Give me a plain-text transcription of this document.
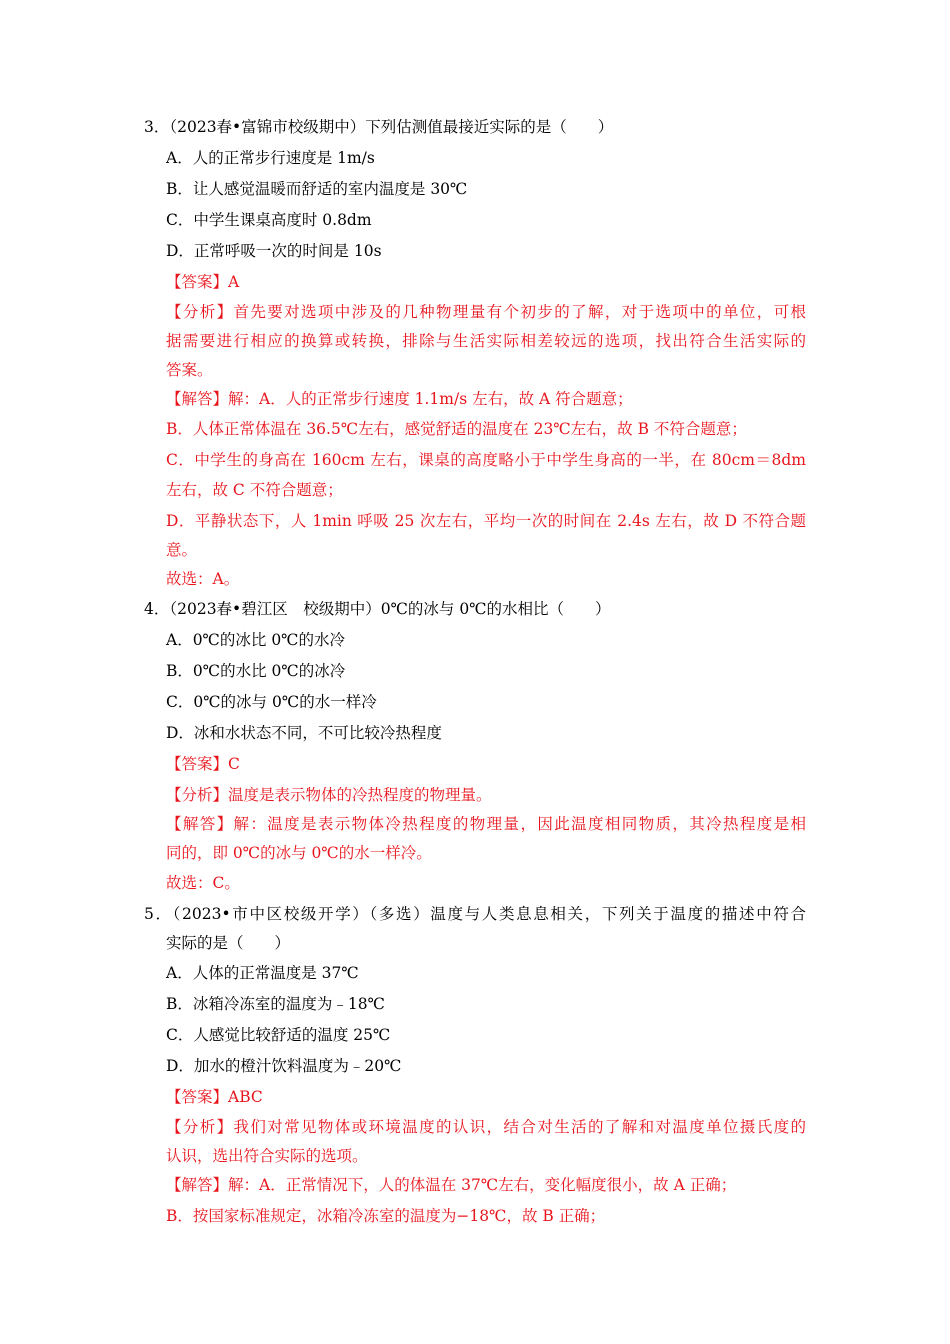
3．（2023春•富锦市校级期中）下列估测值最接近实际的是（　　）
A．人的正常步行速度是 1m/s
B．让人感觉温暖而舒适的室内温度是 30℃
C．中学生课桌高度时 0.8dm
D．正常呼吸一次的时间是 10s
【答案】A
【分析】首先要对选项中涉及的几种物理量有个初步的了解，对于选项中的单位，可根
据需要进行相应的换算或转换，排除与生活实际相差较远的选项，找出符合生活实际的
答案。
【解答】解：A．人的正常步行速度 1.1m/s 左右，故 A 符合题意；
B．人体正常体温在 36.5℃左右，感觉舒适的温度在 23℃左右，故 B 不符合题意；
C．中学生的身高在 160cm 左右，课桌的高度略小于中学生身高的一半，在 80cm＝8dm
左右，故 C 不符合题意；
D．平静状态下，人 1min 呼吸 25 次左右，平均一次的时间在 2.4s 左右，故 D 不符合题
意。
故选：A。
4．（2023春•碧江区　校级期中）0℃的冰与 0℃的水相比（　　）
A．0℃的冰比 0℃的水冷
B．0℃的水比 0℃的冰冷
C．0℃的冰与 0℃的水一样冷
D．冰和水状态不同，不可比较冷热程度
【答案】C
【分析】温度是表示物体的冷热程度的物理量。
【解答】解：温度是表示物体冷热程度的物理量，因此温度相同物质，其冷热程度是相
同的，即 0℃的冰与 0℃的水一样冷。
故选：C。
5．（2023•市中区校级开学）（多选）温度与人类息息相关，下列关于温度的描述中符合
实际的是（　　）
A．人体的正常温度是 37℃
B．冰箱冷冻室的温度为﹣18℃
C．人感觉比较舒适的温度 25℃
D．加水的橙汁饮料温度为﹣20℃
【答案】ABC
【分析】我们对常见物体或环境温度的认识，结合对生活的了解和对温度单位摄氏度的
认识，选出符合实际的选项。
【解答】解：A．正常情况下，人的体温在 37℃左右，变化幅度很小，故 A 正确；
B．按国家标准规定，冰箱冷冻室的温度为−18℃，故 B 正确；
